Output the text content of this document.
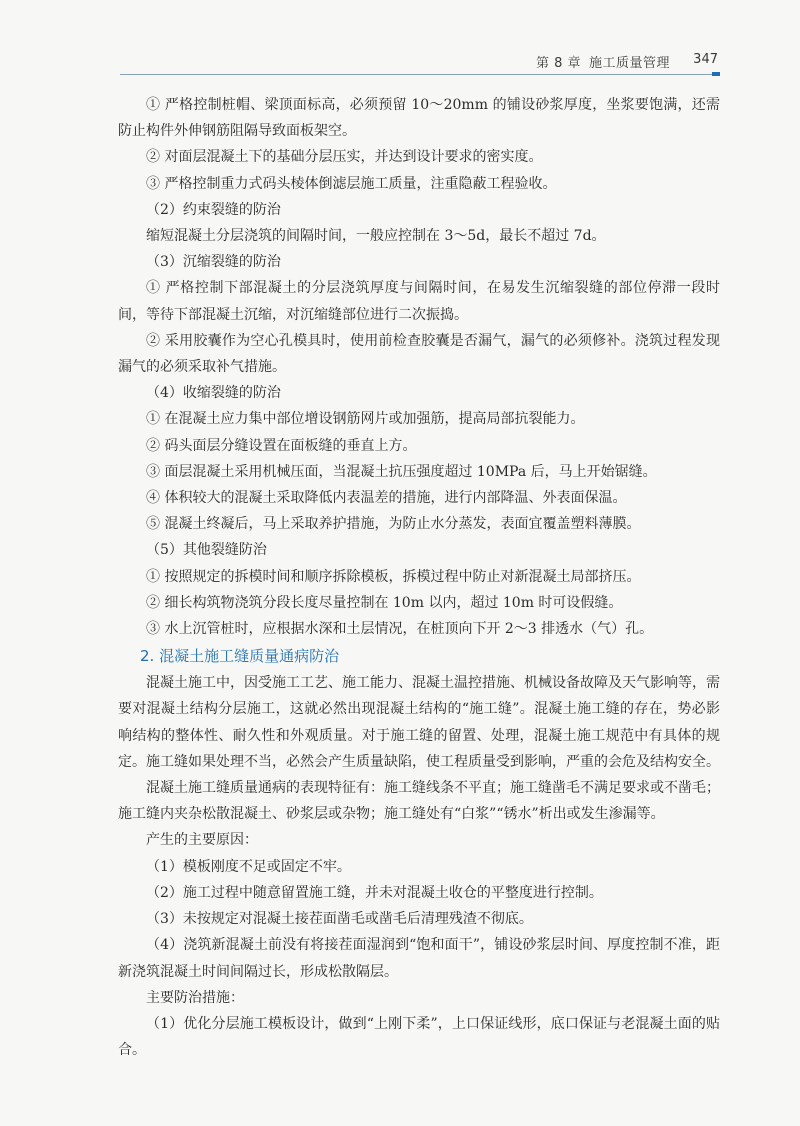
第 8 章 施工质量管理 347

① 严格控制桩帽、梁顶面标高，必须预留 10～20mm 的铺设砂浆厚度，坐浆要饱满，还需防止构件外伸钢筋阻隔导致面板架空。

② 对面层混凝土下的基础分层压实，并达到设计要求的密实度。

③ 严格控制重力式码头棱体倒滤层施工质量，注重隐蔽工程验收。

（2）约束裂缝的防治

缩短混凝土分层浇筑的间隔时间，一般应控制在 3～5d，最长不超过 7d。

（3）沉缩裂缝的防治

① 严格控制下部混凝土的分层浇筑厚度与间隔时间，在易发生沉缩裂缝的部位停滞一段时间，等待下部混凝土沉缩，对沉缩缝部位进行二次振捣。

② 采用胶囊作为空心孔模具时，使用前检查胶囊是否漏气，漏气的必须修补。浇筑过程发现漏气的必须采取补气措施。

（4）收缩裂缝的防治

① 在混凝土应力集中部位增设钢筋网片或加强筋，提高局部抗裂能力。

② 码头面层分缝设置在面板缝的垂直上方。

③ 面层混凝土采用机械压面，当混凝土抗压强度超过 10MPa 后，马上开始锯缝。

④ 体积较大的混凝土采取降低内表温差的措施，进行内部降温、外表面保温。

⑤ 混凝土终凝后，马上采取养护措施，为防止水分蒸发，表面宜覆盖塑料薄膜。

（5）其他裂缝防治

① 按照规定的拆模时间和顺序拆除模板，拆模过程中防止对新混凝土局部挤压。

② 细长构筑物浇筑分段长度尽量控制在 10m 以内，超过 10m 时可设假缝。

③ 水上沉管桩时，应根据水深和土层情况，在桩顶向下开 2～3 排透水（气）孔。

2. 混凝土施工缝质量通病防治

混凝土施工中，因受施工工艺、施工能力、混凝土温控措施、机械设备故障及天气影响等，需要对混凝土结构分层施工，这就必然出现混凝土结构的“施工缝”。混凝土施工缝的存在，势必影响结构的整体性、耐久性和外观质量。对于施工缝的留置、处理，混凝土施工规范中有具体的规定。施工缝如果处理不当，必然会产生质量缺陷，使工程质量受到影响，严重的会危及结构安全。

混凝土施工缝质量通病的表现特征有：施工缝线条不平直；施工缝凿毛不满足要求或不凿毛；施工缝内夹杂松散混凝土、砂浆层或杂物；施工缝处有“白浆”“锈水”析出或发生渗漏等。

产生的主要原因：

（1）模板刚度不足或固定不牢。

（2）施工过程中随意留置施工缝，并未对混凝土收仓的平整度进行控制。

（3）未按规定对混凝土接茬面凿毛或凿毛后清理残渣不彻底。

（4）浇筑新混凝土前没有将接茬面湿润到“饱和面干”，铺设砂浆层时间、厚度控制不准，距新浇筑混凝土时间间隔过长，形成松散隔层。

主要防治措施：

（1）优化分层施工模板设计，做到“上刚下柔”，上口保证线形，底口保证与老混凝土面的贴合。
